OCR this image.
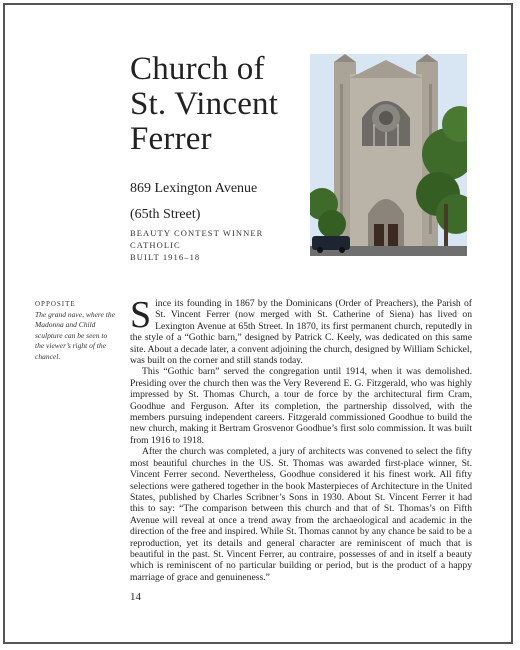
Church of
St. Vincent
Ferrer
869 Lexington Avenue
(65th Street)
BEAUTY CONTEST WINNER
CATHOLIC
BUILT 1916–18
OPPOSITE
The grand nave, where the Madonna and Child sculpture can be seen to the viewer’s right of the chancel.

S ince its founding in 1867 by the Dominicans (Order of Preachers), the Parish of St. Vincent Ferrer (now merged with St. Catherine of Siena) has lived on Lexington Avenue at 65th Street. In 1870, its first permanent church, reputedly in the style of a “Gothic barn,” designed by Patrick C. Keely, was dedicated on this same site. About a decade later, a convent adjoining the church, designed by William Schickel, was built on the corner and still stands today.

This “Gothic barn” served the congregation until 1914, when it was demolished. Presiding over the church then was the Very Reverend E. G. Fitzgerald, who was highly impressed by St. Thomas Church, a tour de force by the architectural firm Cram, Goodhue and Ferguson. After its completion, the partnership dissolved, with the members pursuing independent careers. Fitzgerald commissioned Goodhue to build the new church, making it Bertram Grosvenor Goodhue’s first solo commission. It was built from 1916 to 1918.

After the church was completed, a jury of architects was convened to select the fifty most beautiful churches in the US. St. Thomas was awarded first-place winner, St. Vincent Ferrer second. Nevertheless, Goodhue considered it his finest work. All fifty selections were gathered together in the book Masterpieces of Architecture in the United States, published by Charles Scribner’s Sons in 1930. About St. Vincent Ferrer it had this to say: “The comparison between this church and that of St. Thomas’s on Fifth Avenue will reveal at once a trend away from the archaeological and academic in the direction of the free and inspired. While St. Thomas cannot by any chance be said to be a reproduction, yet its details and general character are reminiscent of much that is beautiful in the past. St. Vincent Ferrer, au contraire, possesses of and in itself a beauty which is reminiscent of no particular building or period, but is the product of a happy marriage of grace and genuineness.”

14
